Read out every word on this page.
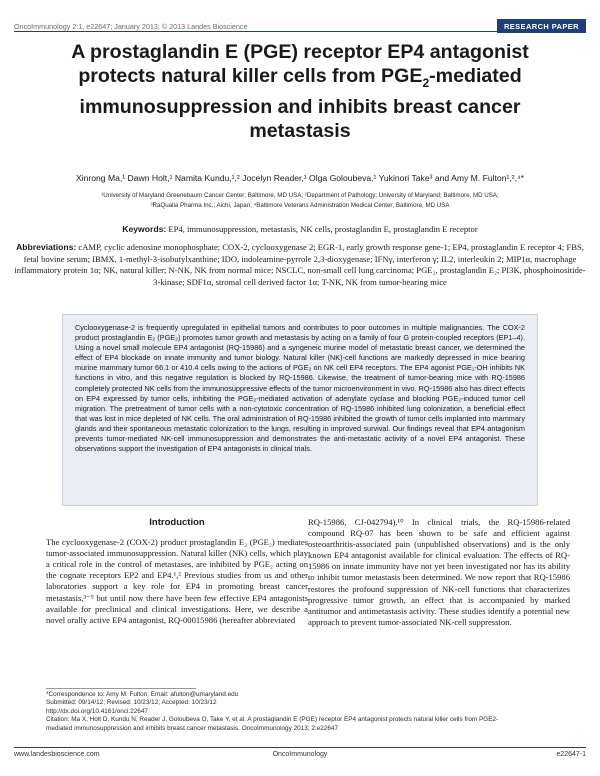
OncoImmunology 2:1, e22647; January 2013; © 2013 Landes Bioscience	RESEARCH PAPER
A prostaglandin E (PGE) receptor EP4 antagonist
protects natural killer cells from $PGE_2$-mediated
immunosuppression and inhibits breast cancer
metastasis
Xinrong Ma,¹ Dawn Holt,¹ Namita Kundu,¹,² Jocelyn Reader,¹ Olga Goloubeva,¹ Yukinori Take³ and Amy M. Fulton¹,²,⁴*
¹University of Maryland Greenebaum Cancer Center; Baltimore, MD USA; ²Department of Pathology; University of Maryland; Baltimore, MD USA;
³RaQualia Pharma Inc.; Aichi, Japan; ⁴Baltimore Veterans Administration Medical Center; Baltimore, MD USA
Keywords: EP4, immunosuppression, metastasis, NK cells, prostaglandin E, prostaglandin E receptor
Abbreviations: cAMP, cyclic adenosine monophosphate; COX-2, cyclooxygenase 2; EGR-1, early growth response gene-1; EP4, prostaglandin E receptor 4; FBS, fetal bovine serum; IBMX, 1-methyl-3-isobutylxanthine; IDO, indoleamine-pyrrole 2,3-dioxygenase; IFNγ, interferon γ; IL2, interleukin 2; MIP1α, macrophage inflammatory protein 1α; NK, natural killer; N-NK, NK from normal mice; NSCLC, non-small cell lung carcinoma; PGE₂, prostaglandin E₂; PI3K, phosphoinositide-3-kinase; SDF1α, stromal cell derived factor 1α; T-NK, NK from tumor-bearing mice

Cyclooxygenase-2 is frequently upregulated in epithelial tumors and contributes to poor outcomes in multiple malignancies. The COX-2 product prostaglandin E₂ (PGE₂) promotes tumor growth and metastasis by acting on a family of four G protein-coupled receptors (EP1–4). Using a novel small molecule EP4 antagonist (RQ-15986) and a syngeneic murine model of metastatic breast cancer, we determined the effect of EP4 blockade on innate immunity and tumor biology. Natural killer (NK)-cell functions are markedly depressed in mice bearing murine mammary tumor 66.1 or 410.4 cells owing to the actions of PGE₂ on NK cell EP4 receptors. The EP4 agonist PGE₁-OH inhibits NK functions in vitro, and this negative regulation is blocked by RQ-15986. Likewise, the treatment of tumor-bearing mice with RQ-15986 completely protected NK cells from the immunosuppressive effects of the tumor microenvironment in vivo. RQ-15986 also has direct effects on EP4 expressed by tumor cells, inhibiting the PGE₂-mediated activation of adenylate cyclase and blocking PGE₂-induced tumor cell migration. The pretreatment of tumor cells with a non-cytotoxic concentration of RQ-15986 inhibited lung colonization, a beneficial effect that was lost in mice depleted of NK cells. The oral administration of RQ-15986 inhibited the growth of tumor cells implanted into mammary glands and their spontaneous metastatic colonization to the lungs, resulting in improved survival. Our findings reveal that EP4 antagonism prevents tumor-mediated NK-cell immunosuppression and demonstrates the anti-metastatic activity of a novel EP4 antagonist. These observations support the investigation of EP4 antagonists in clinical trials.

Introduction

The cyclooxygenase-2 (COX-2) product prostaglandin E₂ (PGE₂) mediates tumor-associated immunosuppression. Natural killer (NK) cells, which play a critical role in the control of metastases, are inhibited by PGE₂ acting on the cognate receptors EP2 and EP4.¹,² Previous studies from us and other laboratories support a key role for EP4 in promoting breast cancer metastasis,³⁻⁹ but until now there have been few effective EP4 antagonists available for preclinical and clinical investigations. Here, we describe a novel orally active EP4 antagonist, RQ-00015986 (hereafter abbreviated

RQ-15986, CJ-042794).¹⁰ In clinical trials, the RQ-15986-related compound RQ-07 has been shown to be safe and efficient against osteoarthritis-associated pain (unpublished observations) and is the only known EP4 antagonist available for clinical evaluation. The effects of RQ-15986 on innate immunity have not yet been investigated nor has its ability to inhibit tumor metastasis been determined. We now report that RQ-15986 restores the profound suppression of NK-cell functions that characterizes progressive tumor growth, an effect that is accompanied by marked antitumor and antimetastasis activity. These studies identify a potential new approach to prevent tumor-associated NK-cell suppression.

*Correspondence to: Amy M. Fulton; Email: afulton@umaryland.edu
Submitted: 09/14/12; Revised: 10/23/12; Accepted: 10/23/12
http://dx.doi.org/10.4161/onci.22647
Citation: Ma X, Holt D, Kundu N, Reader J, Goloubeva O, Take Y, et al. A prostaglandin E (PGE) receptor EP4 antagonist protects natural killer cells from PGE2-
mediated immunosuppression and inhibits breast cancer metastasis. OncoImmunology 2013; 2:e22647
www.landesbioscience.com	OncoImmunology	e22647-1
